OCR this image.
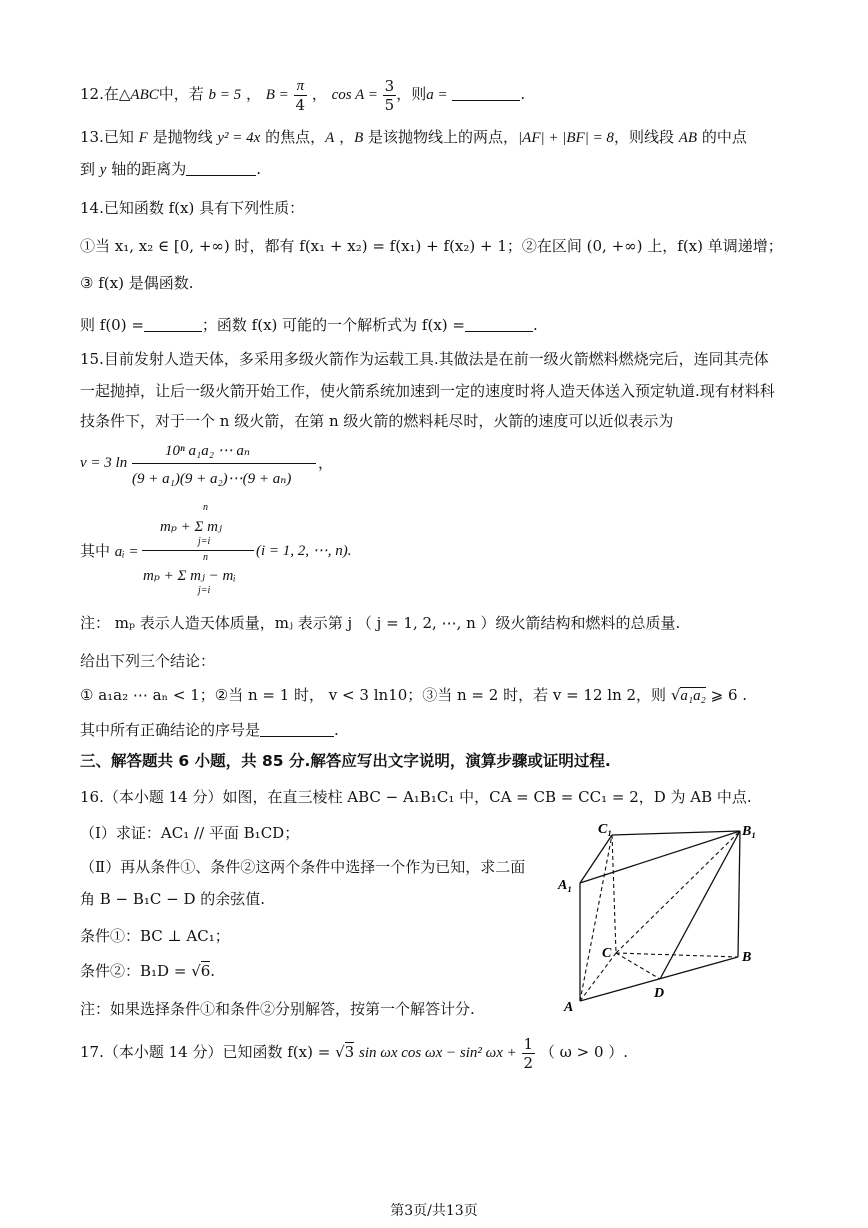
12.在△ABC中，若 b = 5 ， $B = \frac{\pi}{4}$ ， $\cos A = \frac{3}{5}$ ，则a =	.
13.已知 F 是抛物线 y² = 4x 的焦点，A ，B 是该抛物线上的两点，|AF| + |BF| = 8，则线段 AB 的中点
到 y 轴的距离为	.
14.已知函数 f(x) 具有下列性质：
①当 x₁, x₂ ∈ [0, +∞) 时，都有 f(x₁ + x₂) = f(x₁) + f(x₂) + 1；②在区间 (0, +∞) 上，f(x) 单调递增；
③ f(x) 是偶函数.
则 f(0) =	；函数 f(x) 可能的一个解析式为 f(x) =	.
15.目前发射人造天体，多采用多级火箭作为运载工具.其做法是在前一级火箭燃料燃烧完后，连同其壳体
一起抛掉，让后一级火箭开始工作，使火箭系统加速到一定的速度时将人造天体送入预定轨道.现有材料科
技条件下，对于一个 n 级火箭，在第 n 级火箭的燃料耗尽时，火箭的速度可以近似表示为
v = 3 ln
10ⁿ a₁a₂ ⋯ aₙ
(9 + a₁)(9 + a₂)⋯(9 + aₙ)
，
其中 aᵢ =
n
mₚ + Σ mⱼ
j=i
n
mₚ + Σ mⱼ − mᵢ
j=i
(i = 1, 2, ⋯, n).
注： mₚ 表示人造天体质量，mⱼ 表示第 j （ j = 1, 2, ⋯, n ）级火箭结构和燃料的总质量.
给出下列三个结论：
① a₁a₂ ⋯ aₙ < 1；②当 n = 1 时， v < 3 ln10；③当 n = 2 时，若 v = 12 ln 2，则 √a₁a₂ ⩾ 6 .
其中所有正确结论的序号是	.
三、解答题共 6 小题，共 85 分.解答应写出文字说明，演算步骤或证明过程.
16.（本小题 14 分）如图，在直三棱柱 ABC − A₁B₁C₁ 中，CA = CB = CC₁ = 2，D 为 AB 中点.
（Ⅰ）求证：AC₁ // 平面 B₁CD；
（Ⅱ）再从条件①、条件②这两个条件中选择一个作为已知，求二面
角 B − B₁C − D 的余弦值.
条件①：BC ⊥ AC₁；
条件②：B₁D = √6.
注：如果选择条件①和条件②分别解答，按第一个解答计分.
C₁	B₁
A₁
C	B
D
A
17.（本小题 14 分）已知函数 f(x) = √3 sin ωx cos ωx − sin² $\omega x + \frac{1}{2}$ （ ω > 0 ）.
第3页/共13页
